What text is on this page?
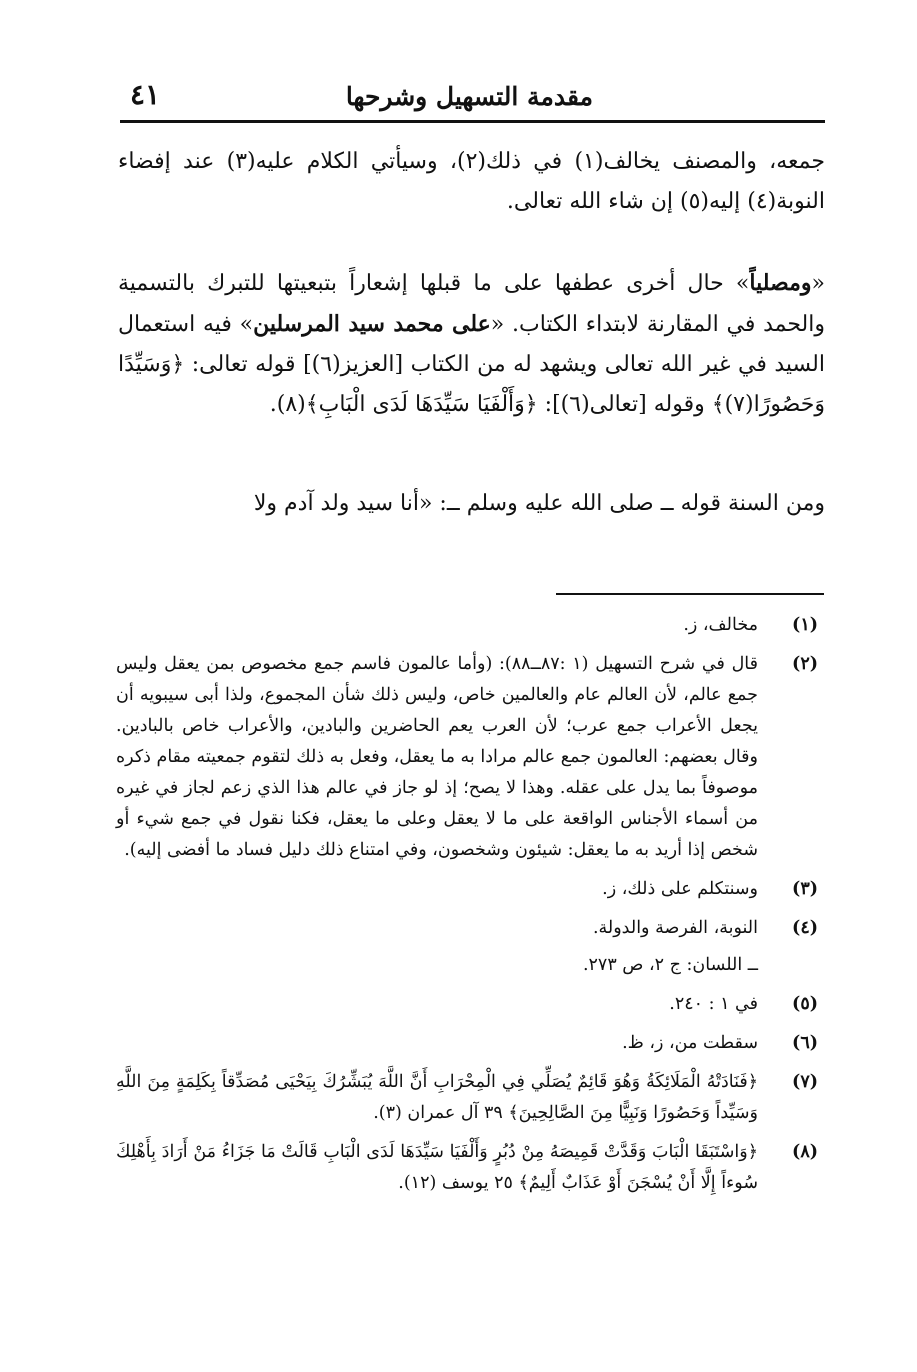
مقدمة التسهيل وشرحها
٤١

جمعه، والمصنف يخالف(١) في ذلك(٢)، وسيأتي الكلام عليه(٣) عند إفضاء النوبة(٤) إليه(٥) إن شاء الله تعالى.

«ومصلياً» حال أخرى عطفها على ما قبلها إشعاراً بتبعيتها للتبرك بالتسمية والحمد في المقارنة لابتداء الكتاب. «على محمد سيد المرسلين» فيه استعمال السيد في غير الله تعالى ويشهد له من الكتاب [العزيز(٦)] قوله تعالى: ﴿وَسَيِّدًا وَحَصُورًا(٧)﴾ وقوله [تعالى(٦)]: ﴿وَأَلْفَيَا سَيِّدَهَا لَدَى الْبَابِ﴾(٨).

ومن السنة قوله ــ صلى الله عليه وسلم ــ: «أنا سيد ولد آدم ولا

(١)
مخالف، ز.
(٢)
قال في شرح التسهيل (١ :٨٧ــ٨٨): (وأما عالمون فاسم جمع مخصوص بمن يعقل وليس جمع عالم، لأن العالم عام والعالمين خاص، وليس ذلك شأن المجموع، ولذا أبى سيبويه أن يجعل الأعراب جمع عرب؛ لأن العرب يعم الحاضرين والبادين، والأعراب خاص بالبادين. وقال بعضهم: العالمون جمع عالم مرادا به ما يعقل، وفعل به ذلك لتقوم جمعيته مقام ذكره موصوفاً بما يدل على عقله. وهذا لا يصح؛ إذ لو جاز في عالم هذا الذي زعم لجاز في غيره من أسماء الأجناس الواقعة على ما لا يعقل وعلى ما يعقل، فكنا نقول في جمع شيء أو شخص إذا أريد به ما يعقل: شيئون وشخصون، وفي امتناع ذلك دليل فساد ما أفضى إليه).
(٣)
وسنتكلم على ذلك، ز.
(٤)
النوبة، الفرصة والدولة.
ــ اللسان: ج ٢، ص ٢٧٣.
(٥)
في ١ : ٢٤٠.
(٦)
سقطت من، ز، ظ.
(٧)
﴿فَنَادَتْهُ الْمَلَائِكَةُ وَهُوَ قَائِمٌ يُصَلِّي فِي الْمِحْرَابِ أَنَّ اللَّهَ يُبَشِّرُكَ بِيَحْيَى مُصَدِّقاً بِكَلِمَةٍ مِنَ اللَّهِ وَسَيِّداً وَحَصُورًا وَنَبِيًّا مِنَ الصَّالِحِينَ﴾ ٣٩ آل عمران (٣).
(٨)
﴿وَاسْتَبَقَا الْبَابَ وَقَدَّتْ قَمِيصَهُ مِنْ دُبُرٍ وَأَلْفَيَا سَيِّدَهَا لَدَى الْبَابِ قَالَتْ مَا جَزَاءُ مَنْ أَرَادَ بِأَهْلِكَ سُوءاً إِلَّا أَنْ يُسْجَنَ أَوْ عَذَابٌ أَلِيمٌ﴾ ٢٥ يوسف (١٢).
